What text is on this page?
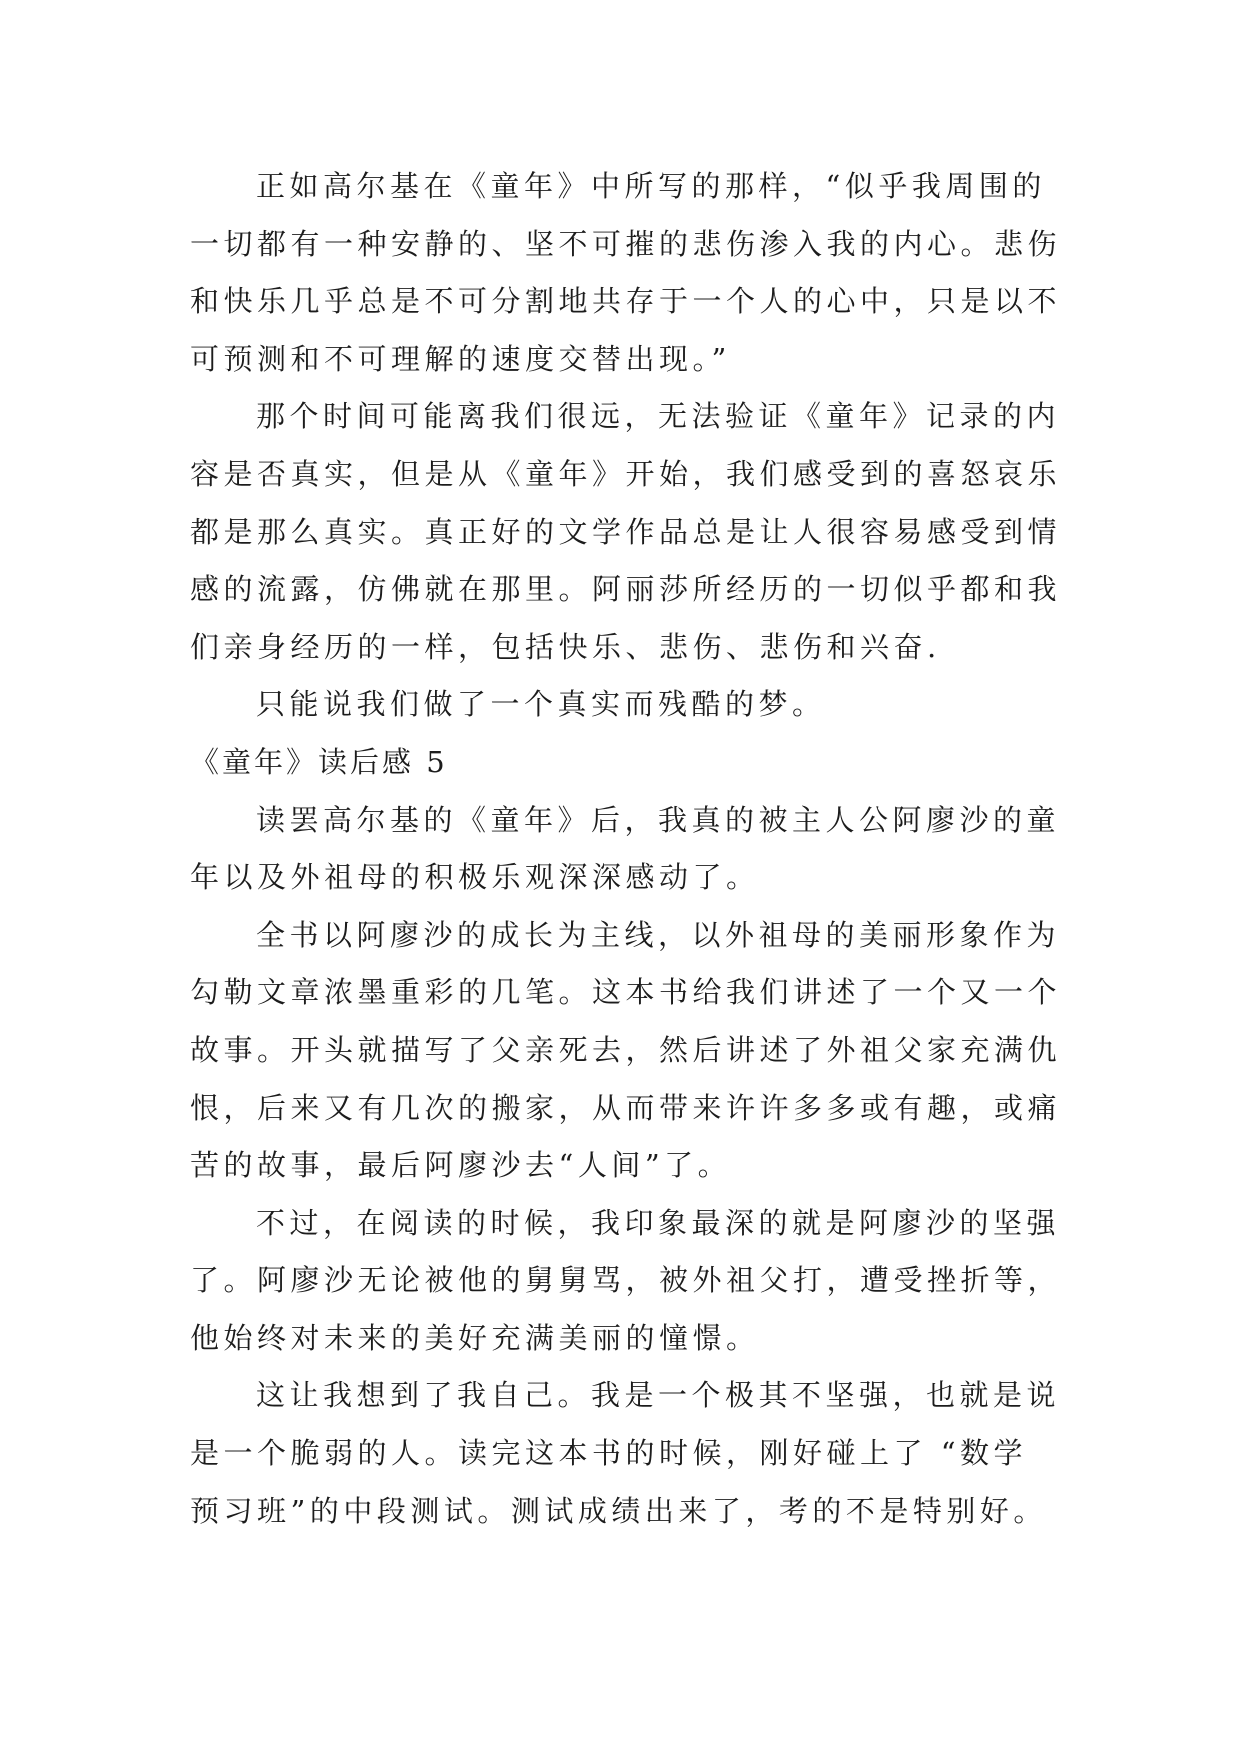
正如高尔基在《童年》中所写的那样，“似乎我周围的
一切都有一种安静的、坚不可摧的悲伤渗入我的内心。悲伤
和快乐几乎总是不可分割地共存于一个人的心中，只是以不
可预测和不可理解的速度交替出现。”
那个时间可能离我们很远，无法验证《童年》记录的内
容是否真实，但是从《童年》开始，我们感受到的喜怒哀乐
都是那么真实。真正好的文学作品总是让人很容易感受到情
感的流露，仿佛就在那里。阿丽莎所经历的一切似乎都和我
们亲身经历的一样，包括快乐、悲伤、悲伤和兴奋.
只能说我们做了一个真实而残酷的梦。
《童年》读后感 5
读罢高尔基的《童年》后，我真的被主人公阿廖沙的童
年以及外祖母的积极乐观深深感动了。
全书以阿廖沙的成长为主线，以外祖母的美丽形象作为
勾勒文章浓墨重彩的几笔。这本书给我们讲述了一个又一个
故事。开头就描写了父亲死去，然后讲述了外祖父家充满仇
恨，后来又有几次的搬家，从而带来许许多多或有趣，或痛
苦的故事，最后阿廖沙去“人间”了。
不过，在阅读的时候，我印象最深的就是阿廖沙的坚强
了。阿廖沙无论被他的舅舅骂，被外祖父打，遭受挫折等，
他始终对未来的美好充满美丽的憧憬。
这让我想到了我自己。我是一个极其不坚强，也就是说
是一个脆弱的人。读完这本书的时候，刚好碰上了 “数学
预习班”的中段测试。测试成绩出来了，考的不是特别好。
